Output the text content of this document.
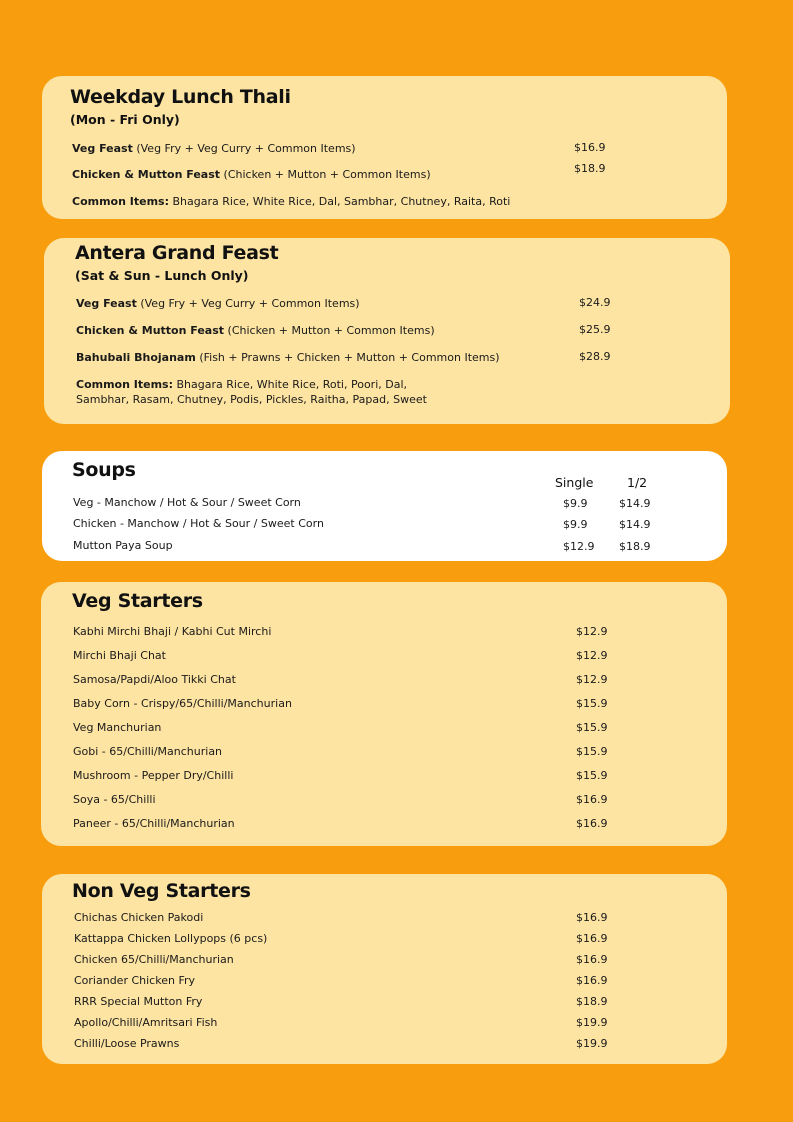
Weekday Lunch Thali
(Mon - Fri Only)
Veg Feast (Veg Fry + Veg Curry + Common Items)	$16.9
Chicken & Mutton Feast (Chicken + Mutton + Common Items)	$18.9
Common Items: Bhagara Rice, White Rice, Dal, Sambhar, Chutney, Raita, Roti
Antera Grand Feast
(Sat & Sun - Lunch Only)
Veg Feast (Veg Fry + Veg Curry + Common Items)	$24.9
Chicken & Mutton Feast (Chicken + Mutton + Common Items)	$25.9
Bahubali Bhojanam (Fish + Prawns + Chicken + Mutton + Common Items)	$28.9
Common Items: Bhagara Rice, White Rice, Roti, Poori, Dal,
Sambhar, Rasam, Chutney, Podis, Pickles, Raitha, Papad, Sweet
Soups
Single	1/2
Veg - Manchow / Hot & Sour / Sweet Corn	$9.9	$14.9
Chicken - Manchow / Hot & Sour / Sweet Corn	$9.9	$14.9
Mutton Paya Soup	$12.9 $18.9
Veg Starters
Kabhi Mirchi Bhaji / Kabhi Cut Mirchi	$12.9
Mirchi Bhaji Chat	$12.9
Samosa/Papdi/Aloo Tikki Chat	$12.9
Baby Corn - Crispy/65/Chilli/Manchurian	$15.9
Veg Manchurian	$15.9
Gobi - 65/Chilli/Manchurian	$15.9
Mushroom - Pepper Dry/Chilli	$15.9
Soya - 65/Chilli	$16.9
Paneer - 65/Chilli/Manchurian	$16.9
Non Veg Starters
Chichas Chicken Pakodi	$16.9
Kattappa Chicken Lollypops (6 pcs)	$16.9
Chicken 65/Chilli/Manchurian	$16.9
Coriander Chicken Fry	$16.9
RRR Special Mutton Fry	$18.9
Apollo/Chilli/Amritsari Fish	$19.9
Chilli/Loose Prawns	$19.9
